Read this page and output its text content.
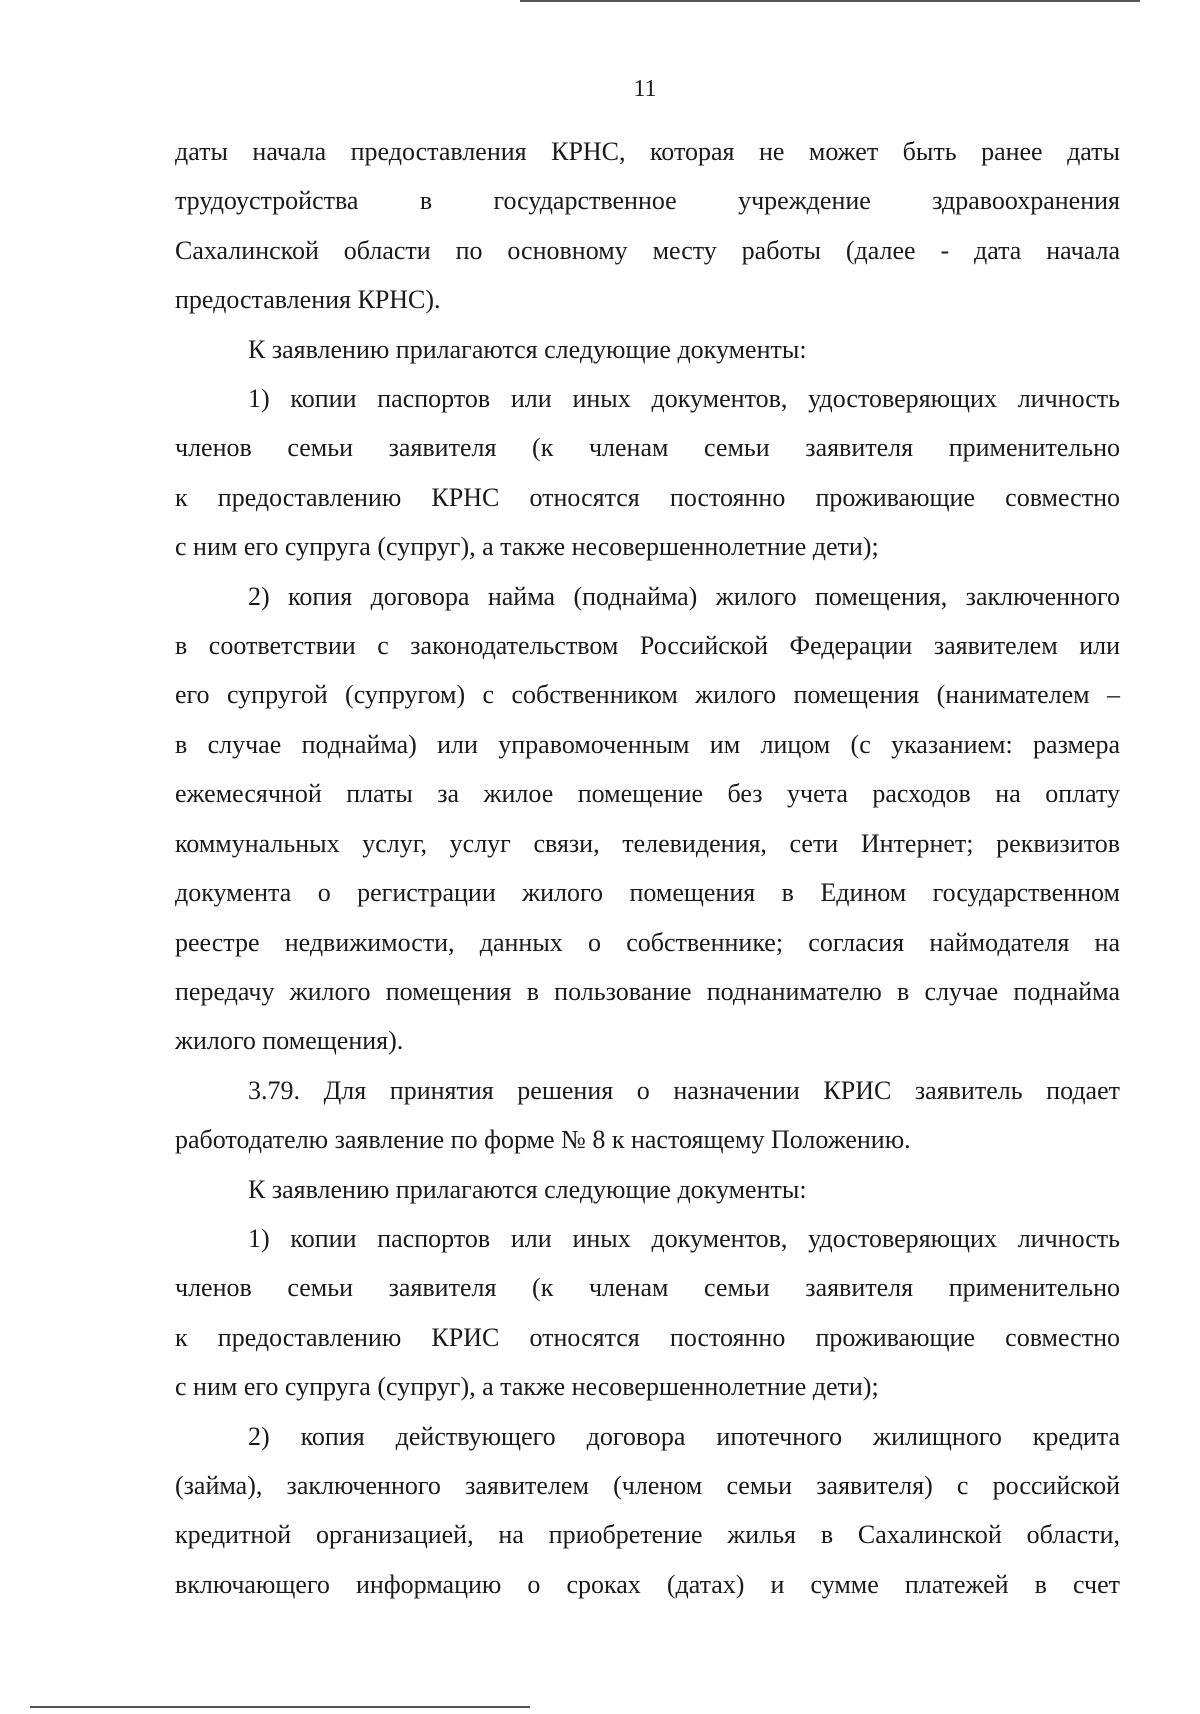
11
даты начала предоставления КРНС, которая не может быть ранее даты
трудоустройства в государственное учреждение здравоохранения
Сахалинской области по основному месту работы (далее - дата начала
предоставления КРНС).
К заявлению прилагаются следующие документы:
1) копии паспортов или иных документов, удостоверяющих личность
членов семьи заявителя (к членам семьи заявителя применительно
к предоставлению КРНС относятся постоянно проживающие совместно
с ним его супруга (супруг), а также несовершеннолетние дети);
2) копия договора найма (поднайма) жилого помещения, заключенного
в соответствии с законодательством Российской Федерации заявителем или
его супругой (супругом) с собственником жилого помещения (нанимателем –
в случае поднайма) или управомоченным им лицом (с указанием: размера
ежемесячной платы за жилое помещение без учета расходов на оплату
коммунальных услуг, услуг связи, телевидения, сети Интернет; реквизитов
документа о регистрации жилого помещения в Едином государственном
реестре недвижимости, данных о собственнике; согласия наймодателя на
передачу жилого помещения в пользование поднанимателю в случае поднайма
жилого помещения).
3.79. Для принятия решения о назначении КРИС заявитель подает
работодателю заявление по форме № 8 к настоящему Положению.
К заявлению прилагаются следующие документы:
1) копии паспортов или иных документов, удостоверяющих личность
членов семьи заявителя (к членам семьи заявителя применительно
к предоставлению КРИС относятся постоянно проживающие совместно
с ним его супруга (супруг), а также несовершеннолетние дети);
2) копия действующего договора ипотечного жилищного кредита
(займа), заключенного заявителем (членом семьи заявителя) с российской
кредитной организацией, на приобретение жилья в Сахалинской области,
включающего информацию о сроках (датах) и сумме платежей в счет
